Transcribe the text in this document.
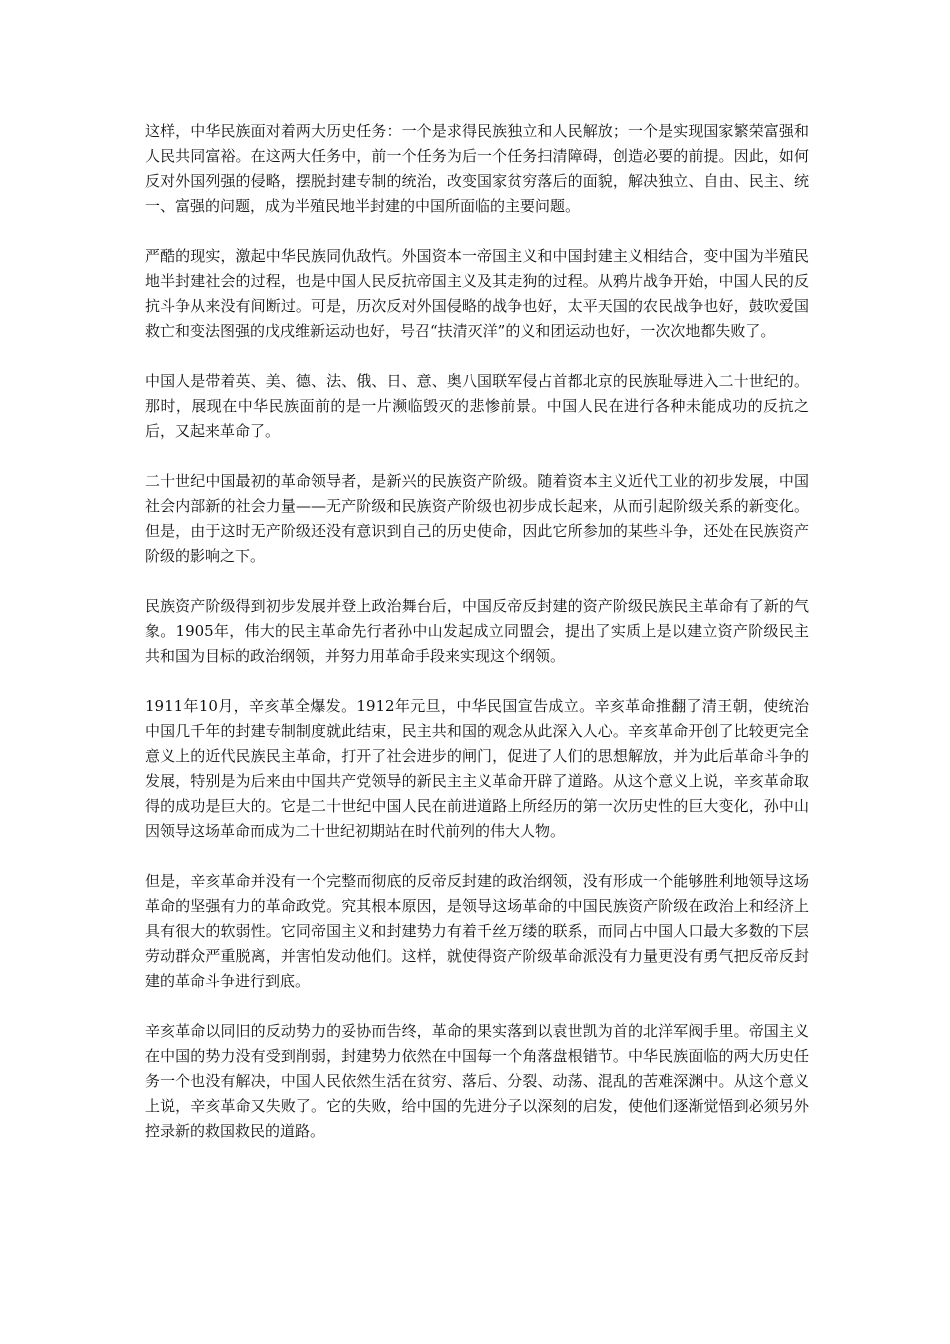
这样，中华民族面对着两大历史任务：一个是求得民族独立和人民解放；一个是实现国家繁荣富强和人民共同富裕。在这两大任务中，前一个任务为后一个任务扫清障碍，创造必要的前提。因此，如何反对外国列强的侵略，摆脱封建专制的统治，改变国家贫穷落后的面貌，解决独立、自由、民主、统一、富强的问题，成为半殖民地半封建的中国所面临的主要问题。

严酷的现实，激起中华民族同仇敌忾。外国资本一帝国主义和中国封建主义相结合，变中国为半殖民地半封建社会的过程，也是中国人民反抗帝国主义及其走狗的过程。从鸦片战争开始，中国人民的反抗斗争从来没有间断过。可是，历次反对外国侵略的战争也好，太平天国的农民战争也好，鼓吹爱国救亡和变法图强的戊戌维新运动也好，号召“扶清灭洋”的义和团运动也好，一次次地都失败了。

中国人是带着英、美、德、法、俄、日、意、奥八国联军侵占首都北京的民族耻辱进入二十世纪的。那时，展现在中华民族面前的是一片濒临毁灭的悲惨前景。中国人民在进行各种未能成功的反抗之后，又起来革命了。

二十世纪中国最初的革命领导者，是新兴的民族资产阶级。随着资本主义近代工业的初步发展，中国社会内部新的社会力量——无产阶级和民族资产阶级也初步成长起来，从而引起阶级关系的新变化。但是，由于这时无产阶级还没有意识到自己的历史使命，因此它所参加的某些斗争，还处在民族资产阶级的影响之下。

民族资产阶级得到初步发展并登上政治舞台后，中国反帝反封建的资产阶级民族民主革命有了新的气象。1905年，伟大的民主革命先行者孙中山发起成立同盟会，提出了实质上是以建立资产阶级民主共和国为目标的政治纲领，并努力用革命手段来实现这个纲领。

1911年10月，辛亥革全爆发。1912年元旦，中华民国宣告成立。辛亥革命推翻了清王朝，使统治中国几千年的封建专制制度就此结束，民主共和国的观念从此深入人心。辛亥革命开创了比较更完全意义上的近代民族民主革命，打开了社会进步的闸门，促进了人们的思想解放，并为此后革命斗争的发展，特别是为后来由中国共产党领导的新民主主义革命开辟了道路。从这个意义上说，辛亥革命取得的成功是巨大的。它是二十世纪中国人民在前进道路上所经历的第一次历史性的巨大变化，孙中山因领导这场革命而成为二十世纪初期站在时代前列的伟大人物。

但是，辛亥革命并没有一个完整而彻底的反帝反封建的政治纲领，没有形成一个能够胜利地领导这场革命的坚强有力的革命政党。究其根本原因，是领导这场革命的中国民族资产阶级在政治上和经济上具有很大的软弱性。它同帝国主义和封建势力有着千丝万缕的联系，而同占中国人口最大多数的下层劳动群众严重脱离，并害怕发动他们。这样，就使得资产阶级革命派没有力量更没有勇气把反帝反封建的革命斗争进行到底。

辛亥革命以同旧的反动势力的妥协而告终，革命的果实落到以袁世凯为首的北洋军阀手里。帝国主义在中国的势力没有受到削弱，封建势力依然在中国每一个角落盘根错节。中华民族面临的两大历史任务一个也没有解决，中国人民依然生活在贫穷、落后、分裂、动荡、混乱的苦难深渊中。从这个意义上说，辛亥革命又失败了。它的失败，给中国的先进分子以深刻的启发，使他们逐渐觉悟到必须另外控录新的救国救民的道路。
